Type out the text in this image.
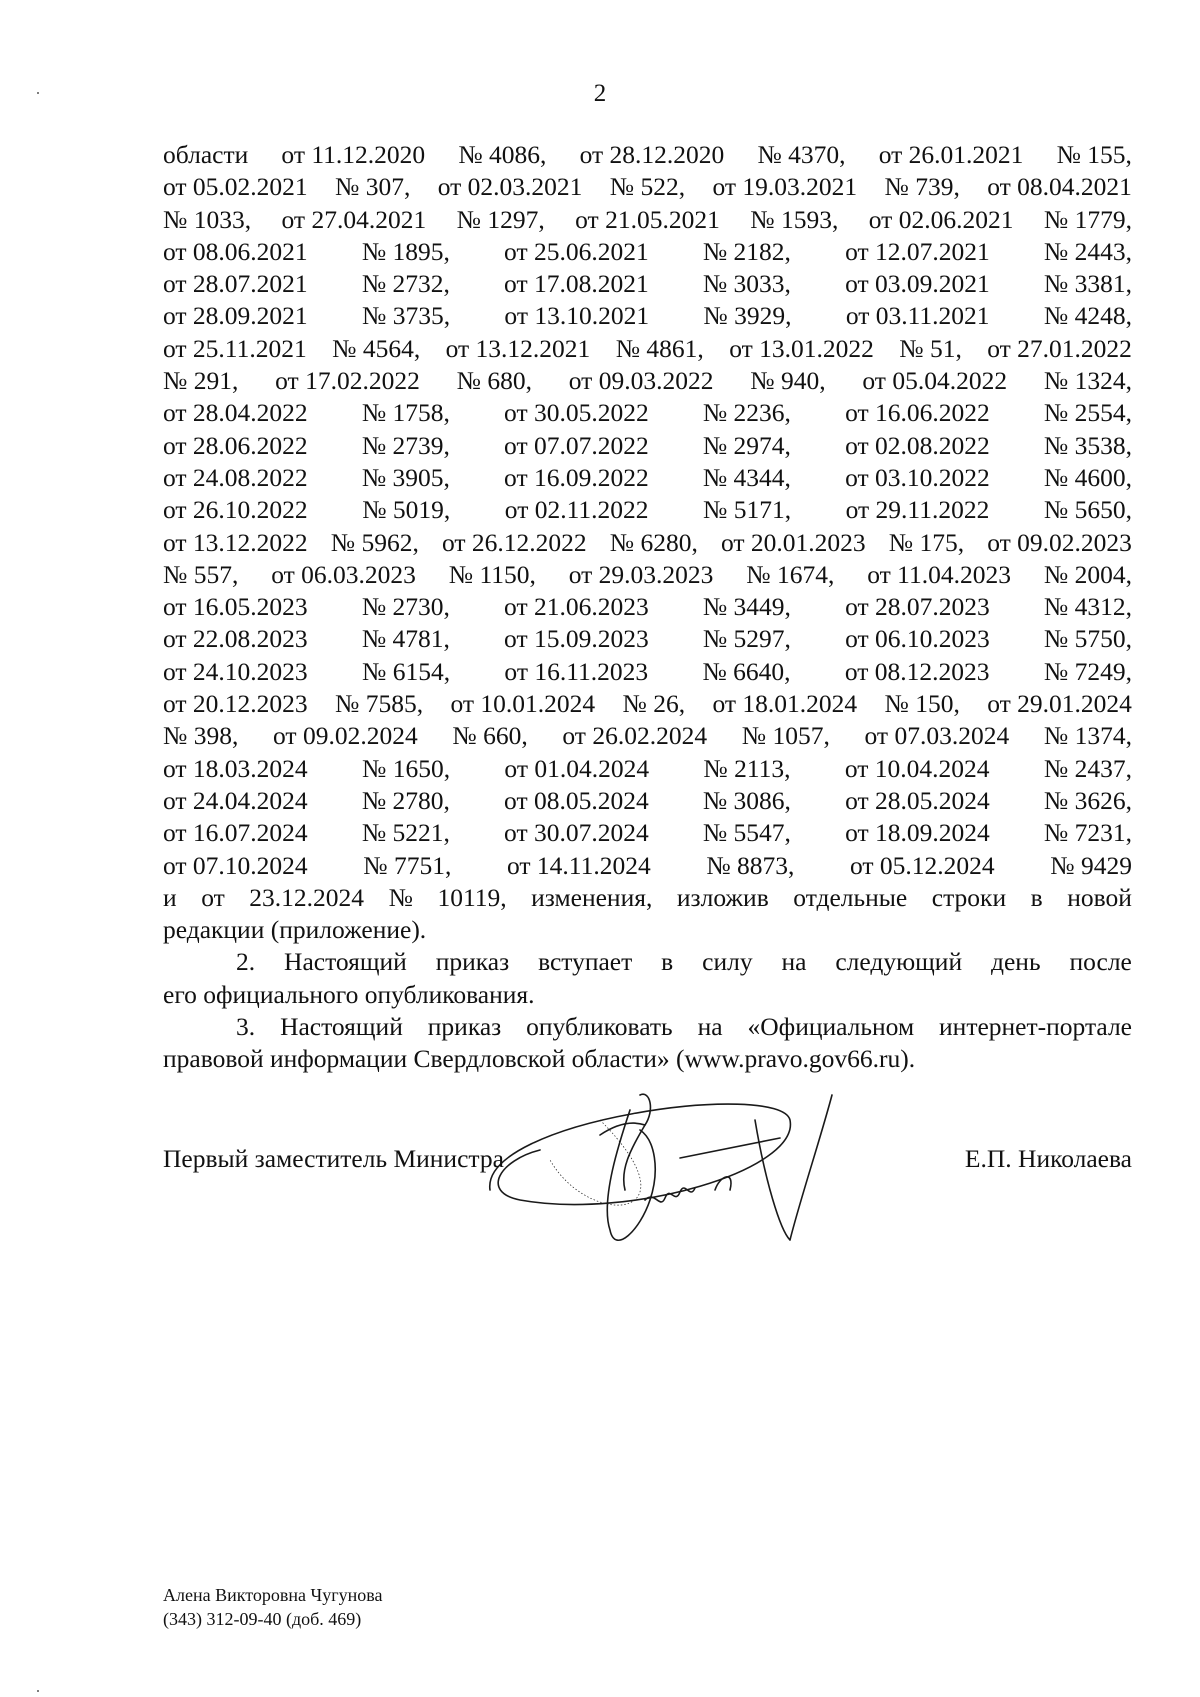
2
области от 11.12.2020 № 4086, от 28.12.2020 № 4370, от 26.01.2021 № 155,
от 05.02.2021 № 307, от 02.03.2021 № 522, от 19.03.2021 № 739, от 08.04.2021
№ 1033, от 27.04.2021 № 1297, от 21.05.2021 № 1593, от 02.06.2021 № 1779,
от 08.06.2021 № 1895, от 25.06.2021 № 2182, от 12.07.2021 № 2443,
от 28.07.2021 № 2732, от 17.08.2021 № 3033, от 03.09.2021 № 3381,
от 28.09.2021 № 3735, от 13.10.2021 № 3929, от 03.11.2021 № 4248,
от 25.11.2021 № 4564, от 13.12.2021 № 4861, от 13.01.2022 № 51, от 27.01.2022
№ 291, от 17.02.2022 № 680, от 09.03.2022 № 940, от 05.04.2022 № 1324,
от 28.04.2022 № 1758, от 30.05.2022 № 2236, от 16.06.2022 № 2554,
от 28.06.2022 № 2739, от 07.07.2022 № 2974, от 02.08.2022 № 3538,
от 24.08.2022 № 3905, от 16.09.2022 № 4344, от 03.10.2022 № 4600,
от 26.10.2022 № 5019, от 02.11.2022 № 5171, от 29.11.2022 № 5650,
от 13.12.2022 № 5962, от 26.12.2022 № 6280, от 20.01.2023 № 175, от 09.02.2023
№ 557, от 06.03.2023 № 1150, от 29.03.2023 № 1674, от 11.04.2023 № 2004,
от 16.05.2023 № 2730, от 21.06.2023 № 3449, от 28.07.2023 № 4312,
от 22.08.2023 № 4781, от 15.09.2023 № 5297, от 06.10.2023 № 5750,
от 24.10.2023 № 6154, от 16.11.2023 № 6640, от 08.12.2023 № 7249,
от 20.12.2023 № 7585, от 10.01.2024 № 26, от 18.01.2024 № 150, от 29.01.2024
№ 398, от 09.02.2024 № 660, от 26.02.2024 № 1057, от 07.03.2024 № 1374,
от 18.03.2024 № 1650, от 01.04.2024 № 2113, от 10.04.2024 № 2437,
от 24.04.2024 № 2780, от 08.05.2024 № 3086, от 28.05.2024 № 3626,
от 16.07.2024 № 5221, от 30.07.2024 № 5547, от 18.09.2024 № 7231,
от 07.10.2024 № 7751, от 14.11.2024 № 8873, от 05.12.2024 № 9429
и от 23.12.2024 № 10119, изменения, изложив отдельные строки в новой
редакции (приложение).
2. Настоящий приказ вступает в силу на следующий день после
его официального опубликования.
3. Настоящий приказ опубликовать на «Официальном интернет-портале
правовой информации Свердловской области» (www.pravo.gov66.ru).
Первый заместитель Министра	Е.П. Николаева
Алена Викторовна Чугунова
(343) 312-09-40 (доб. 469)
